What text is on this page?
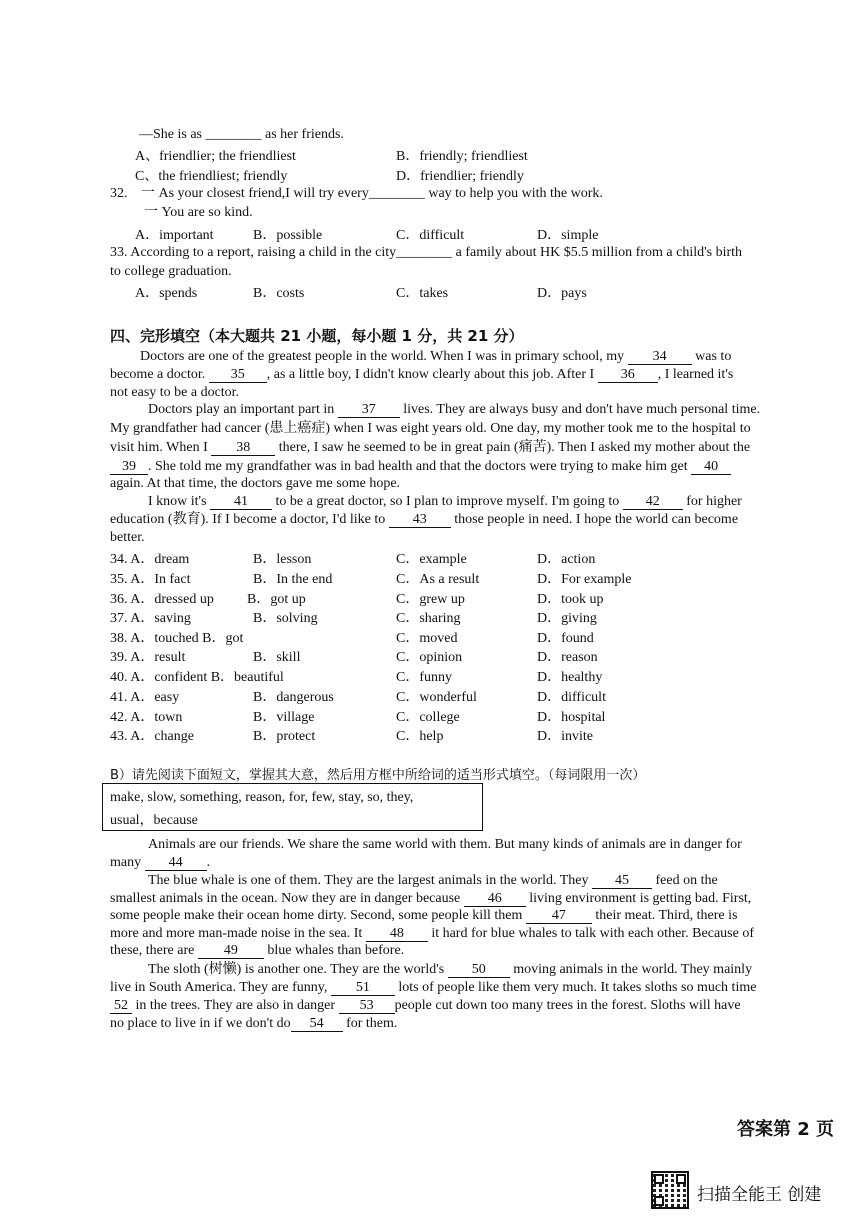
—She is as ________ as her friends.
A、friendlier; the friendliest	B．friendly; friendliest
C、the friendliest; friendly	D．friendlier; friendly
32. 一 As your closest friend,I will try every________ way to help you with the work.
一 You are so kind.
A．important	B．possible	C．difficult	D．simple
33. According to a report, raising a child in the city________ a family about HK $5.5 million from a child's birth
to college graduation.
A．spends	B．costs	C．takes	D．pays
四、完形填空（本大题共 21 小题，每小题 1 分，共 21 分）
Doctors are one of the greatest people in the world. When I was in primary school, my 34 was to
become a doctor. 35 , as a little boy, I didn't know clearly about this job. After I 36 , I learned it's
not easy to be a doctor.
Doctors play an important part in 37 lives. They are always busy and don't have much personal time.
My grandfather had cancer (患上癌症) when I was eight years old. One day, my mother took me to the hospital to
visit him. When I 38 there, I saw he seemed to be in great pain (痛苦). Then I asked my mother about the
39 . She told me my grandfather was in bad health and that the doctors were trying to make him get 40
again. At that time, the doctors gave me some hope.
I know it's 41 to be a great doctor, so I plan to improve myself. I'm going to 42 for higher
education (教育). If I become a doctor, I'd like to 43 those people in need. I hope the world can become
better.
34. A．dream	B．lesson	C．example	D．action
35. A．In fact	B．In the end	C．As a result	D．For example
36. A．dressed up B．got up	C．grew up	D．took up
37. A．saving	B．solving	C．sharing	D．giving
38. A．touched B．got	C．moved	D．found
39. A．result	B．skill	C．opinion	D．reason
40. A．confident B．beautiful	C．funny	D．healthy
41. A．easy	B．dangerous	C．wonderful	D．difficult
42. A．town	B．village	C．college	D．hospital
43. A．change	B．protect	C．help	D．invite
B）请先阅读下面短文，掌握其大意，然后用方框中所给词的适当形式填空。（每词限用一次）
make, slow, something, reason, for, few, stay, so, they,
usual，because
Animals are our friends. We share the same world with them. But many kinds of animals are in danger for
many 44 .
The blue whale is one of them. They are the largest animals in the world. They 45 feed on the
smallest animals in the ocean. Now they are in danger because 46 living environment is getting bad. First,
some people make their ocean home dirty. Second, some people kill them 47 their meat. Third, there is
more and more man-made noise in the sea. It 48 it hard for blue whales to talk with each other. Because of
these, there are 49 blue whales than before.
The sloth (树懒) is another one. They are the world's 50 moving animals in the world. They mainly
live in South America. They are funny, 51 lots of people like them very much. It takes sloths so much time
52 in the trees. They are also in danger 53 people cut down too many trees in the forest. Sloths will have
no place to live in if we don't do 54 for them.
答案第 2 页
扫描全能王 创建
